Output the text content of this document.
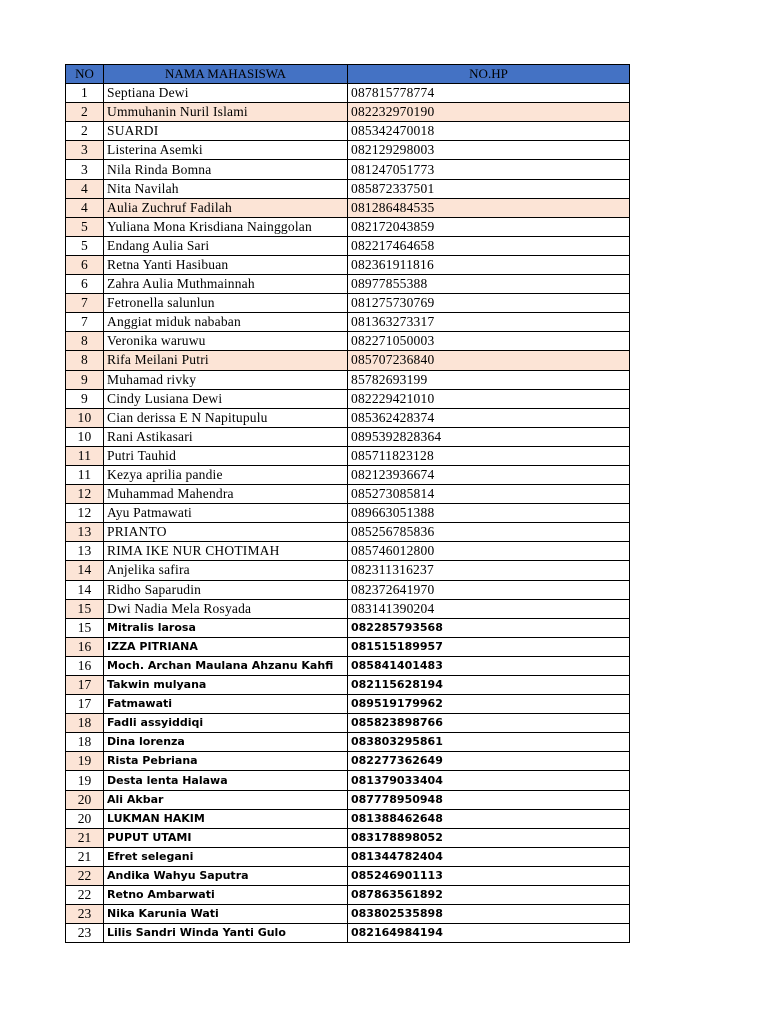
NO	NAMA MAHASISWA	NO.HP
1	Septiana Dewi	087815778774
2	Ummuhanin Nuril Islami	082232970190
2	SUARDI	085342470018
3	Listerina Asemki	082129298003
3	Nila Rinda Bomna	081247051773
4	Nita Navilah	085872337501
4	Aulia Zuchruf Fadilah	081286484535
5	Yuliana Mona Krisdiana Nainggolan	082172043859
5	Endang Aulia Sari	082217464658
6	Retna Yanti Hasibuan	082361911816
6	Zahra Aulia Muthmainnah	08977855388
7	Fetronella salunlun	081275730769
7	Anggiat miduk nababan	081363273317
8	Veronika waruwu	082271050003
8	Rifa Meilani Putri	085707236840
9	Muhamad rivky	85782693199
9	Cindy Lusiana Dewi	082229421010
10	Cian derissa E N Napitupulu	085362428374
10	Rani Astikasari	0895392828364
11	Putri Tauhid	085711823128
11	Kezya aprilia pandie	082123936674
12	Muhammad Mahendra	085273085814
12	Ayu Patmawati	089663051388
13	PRIANTO	085256785836
13	RIMA IKE NUR CHOTIMAH	085746012800
14	Anjelika safira	082311316237
14	Ridho Saparudin	082372641970
15	Dwi Nadia Mela Rosyada	083141390204
15	Mitralis larosa	082285793568
16	IZZA PITRIANA	081515189957
16	Moch. Archan Maulana Ahzanu Kahfi	085841401483
17	Takwin mulyana	082115628194
17	Fatmawati	089519179962
18	Fadli assyiddiqi	085823898766
18	Dina lorenza	083803295861
19	Rista Pebriana	082277362649
19	Desta lenta Halawa	081379033404
20	Ali Akbar	087778950948
20	LUKMAN HAKIM	081388462648
21	PUPUT UTAMI	083178898052
21	Efret selegani	081344782404
22	Andika Wahyu Saputra	085246901113
22	Retno Ambarwati	087863561892
23	Nika Karunia Wati	083802535898
23	Lilis Sandri Winda Yanti Gulo	082164984194
